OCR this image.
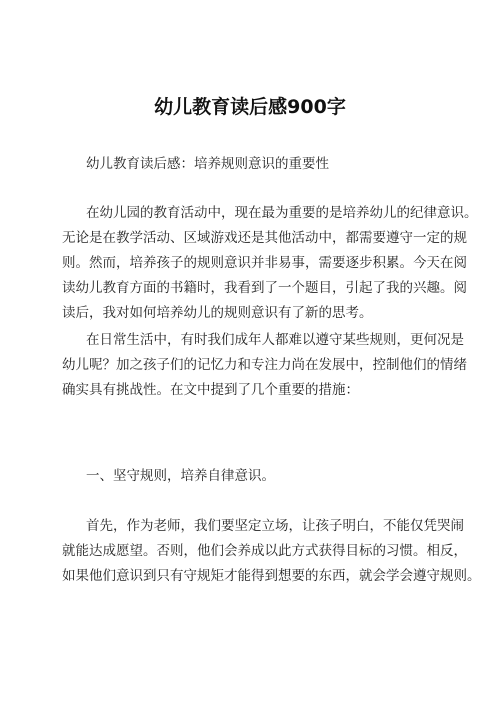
幼儿教育读后感900字

幼儿教育读后感：培养规则意识的重要性

在幼儿园的教育活动中，现在最为重要的是培养幼儿的纪律意识。
无论是在教学活动、区域游戏还是其他活动中，都需要遵守一定的规
则。然而，培养孩子的规则意识并非易事，需要逐步积累。今天在阅
读幼儿教育方面的书籍时，我看到了一个题目，引起了我的兴趣。阅
读后，我对如何培养幼儿的规则意识有了新的思考。

在日常生活中，有时我们成年人都难以遵守某些规则，更何况是
幼儿呢？加之孩子们的记忆力和专注力尚在发展中，控制他们的情绪
确实具有挑战性。在文中提到了几个重要的措施：

一、坚守规则，培养自律意识。

首先，作为老师，我们要坚定立场，让孩子明白，不能仅凭哭闹
就能达成愿望。否则，他们会养成以此方式获得目标的习惯。相反，
如果他们意识到只有守规矩才能得到想要的东西，就会学会遵守规则。
